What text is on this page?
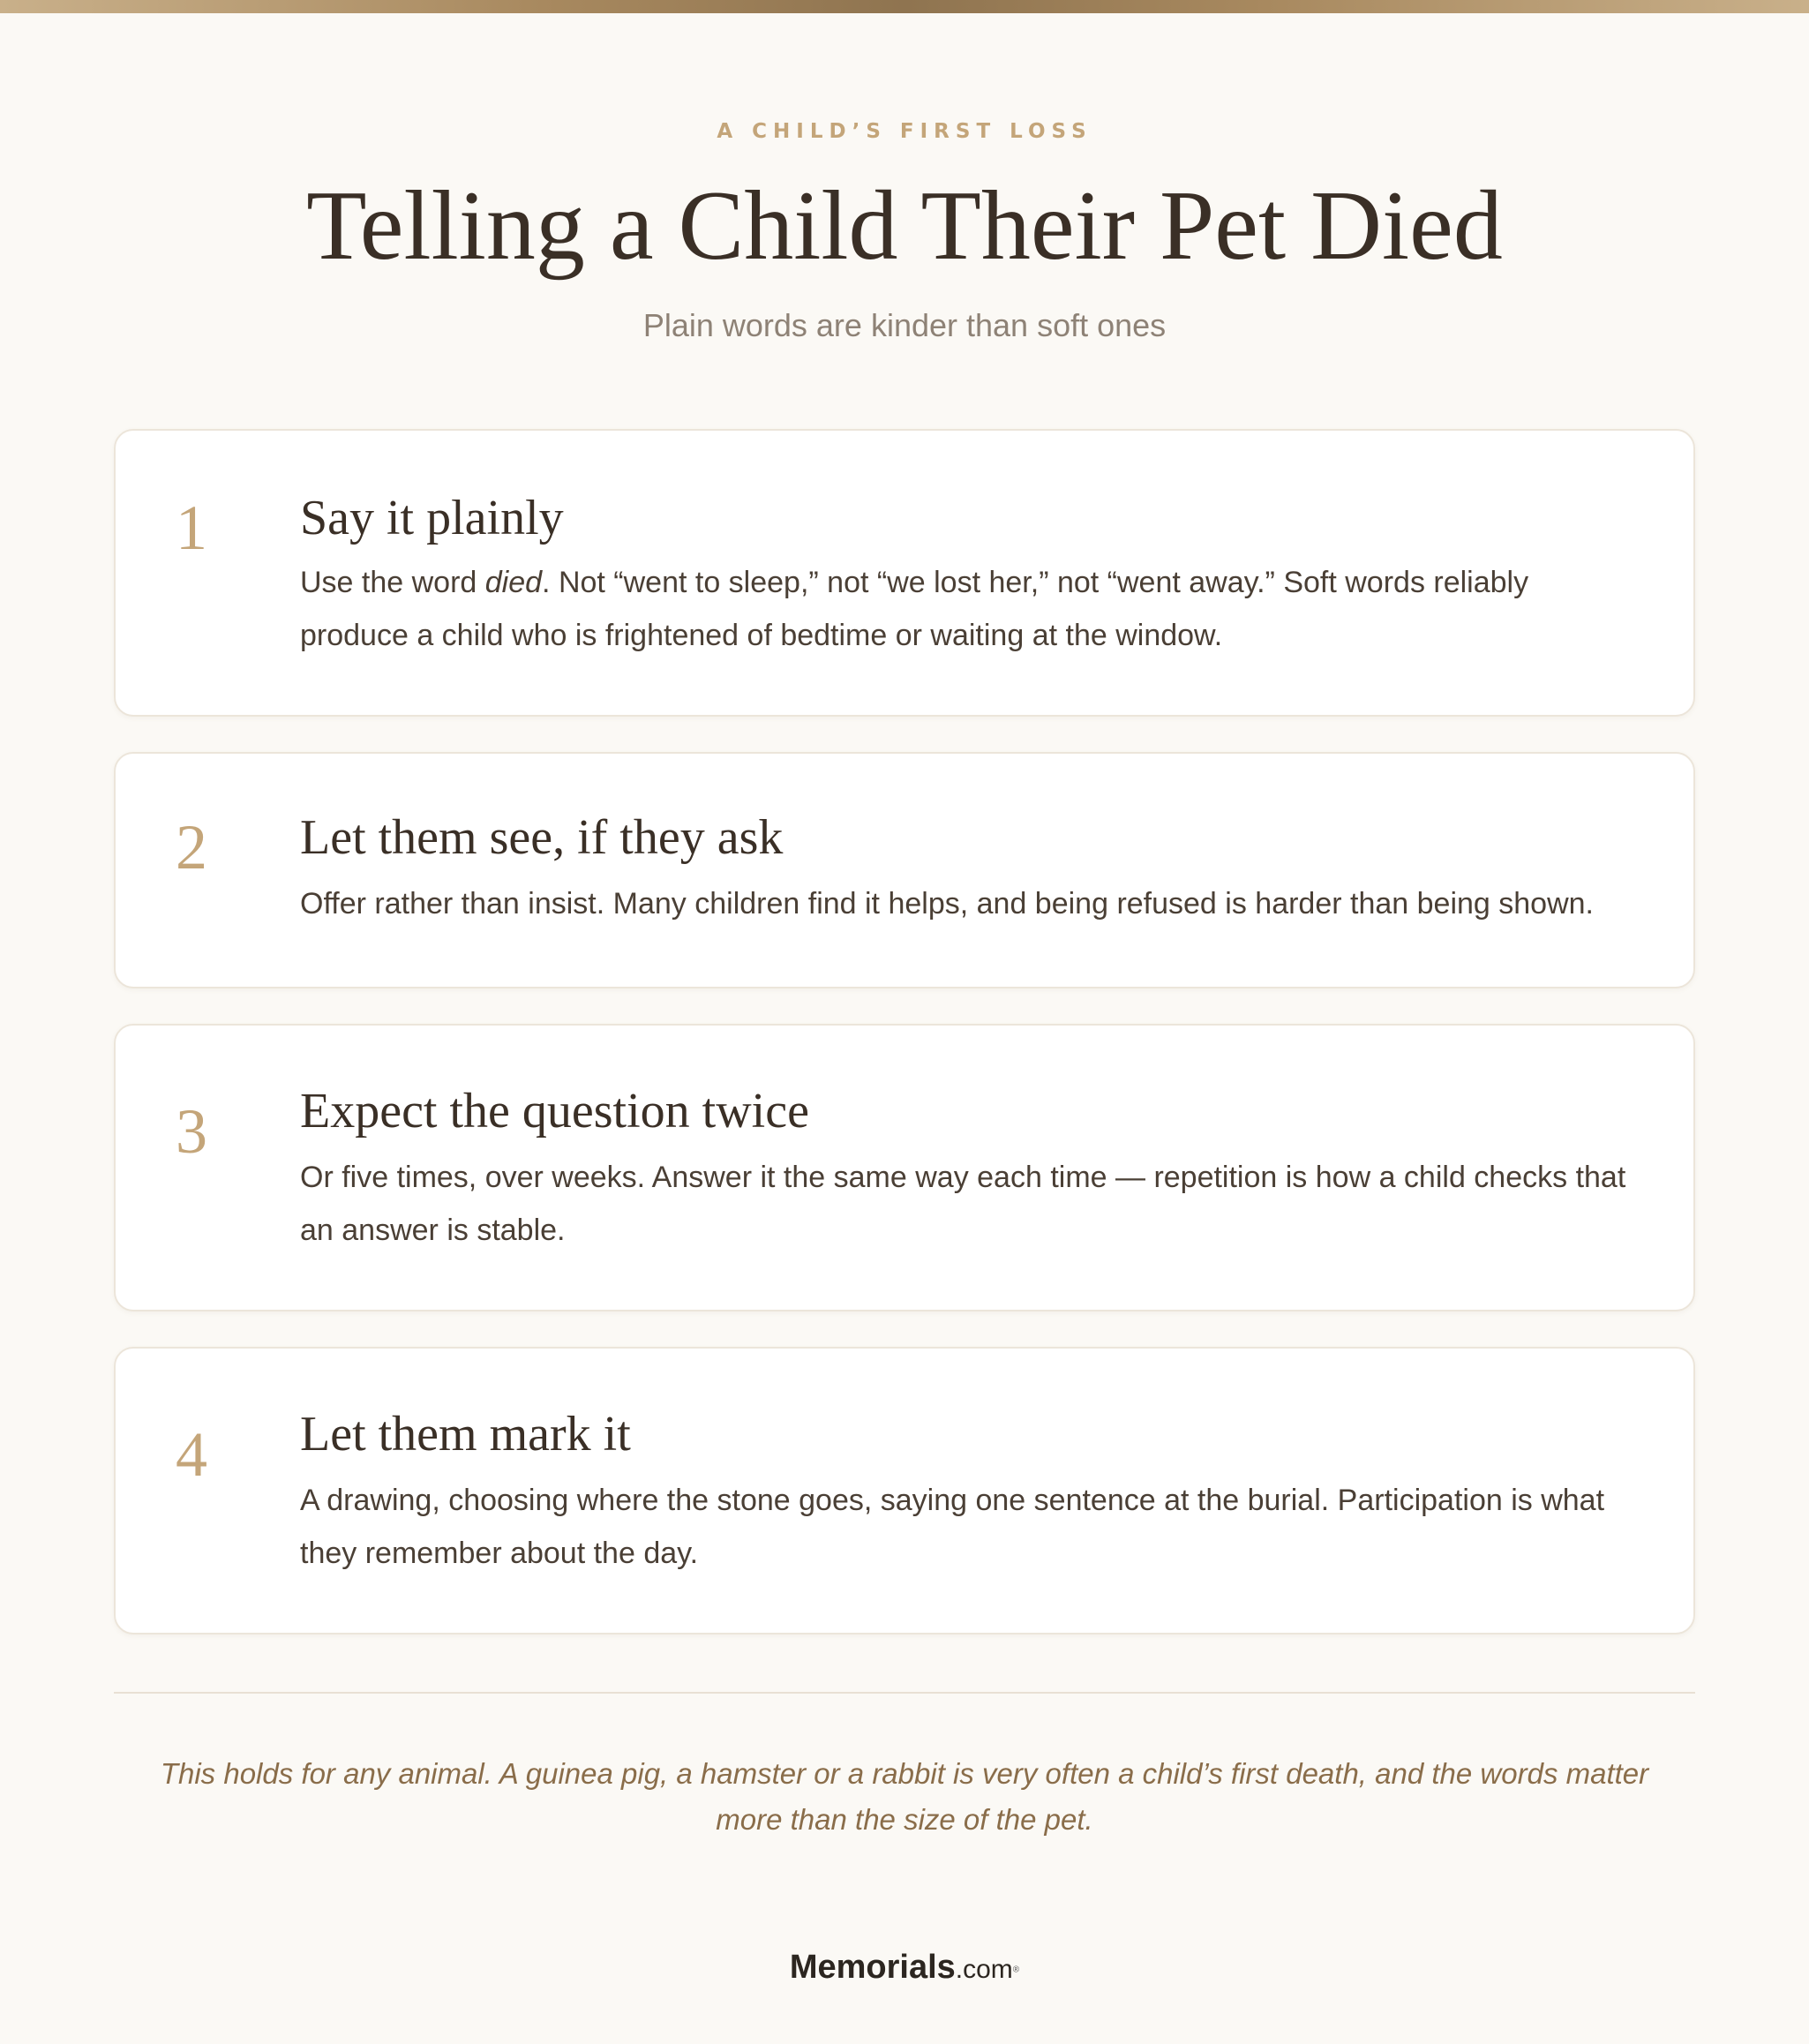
A CHILD’S FIRST LOSS
Telling a Child Their Pet Died
Plain words are kinder than soft ones
1	Say it plainly
Use the word died. Not “went to sleep,” not “we lost her,” not “went away.” Soft words reliably produce a child who is frightened of bedtime or waiting at the window.
2	Let them see, if they ask
Offer rather than insist. Many children find it helps, and being refused is harder than being shown.
3	Expect the question twice
Or five times, over weeks. Answer it the same way each time — repetition is how a child checks that an answer is stable.
4	Let them mark it
A drawing, choosing where the stone goes, saying one sentence at the burial. Participation is what they remember about the day.
This holds for any animal. A guinea pig, a hamster or a rabbit is very often a child’s first death, and the words matter more than the size of the pet.
Memorials.com®
